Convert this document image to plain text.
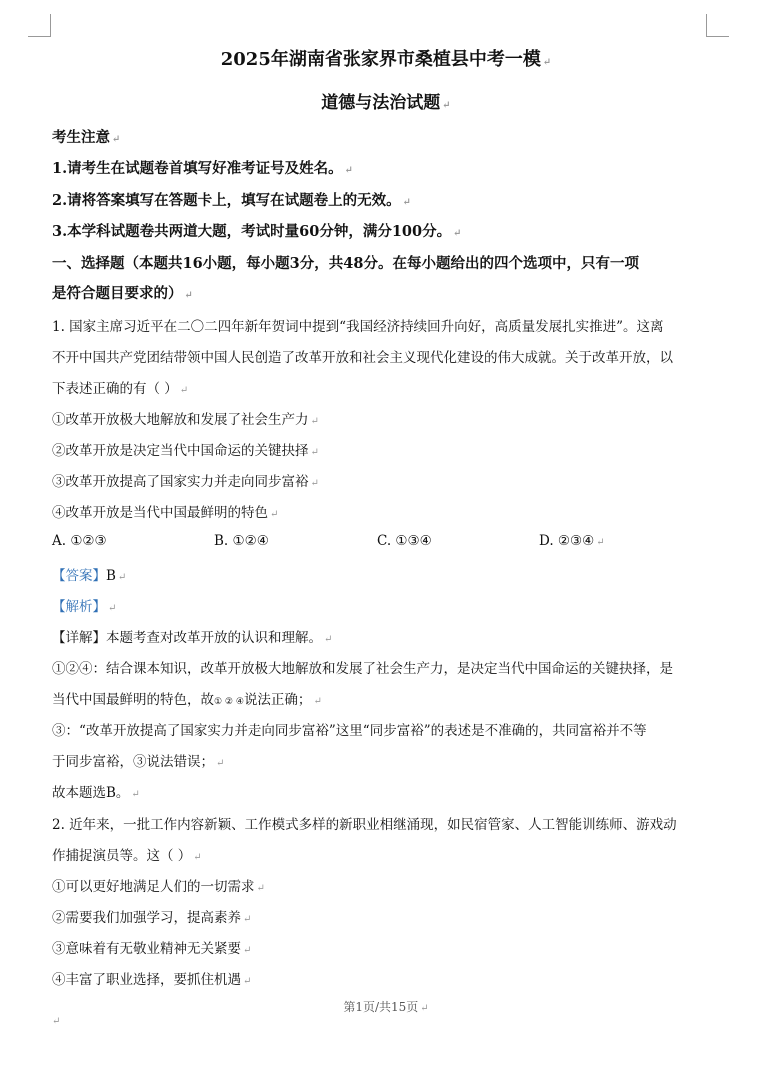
2025年湖南省张家界市桑植县中考一模 ↵
道德与法治试题 ↵
考生注意 ↵
1.请考生在试题卷首填写好准考证号及姓名。 ↵
2.请将答案填写在答题卡上，填写在试题卷上的无效。 ↵
3.本学科试题卷共两道大题，考试时量60分钟，满分100分。 ↵
一、选择题（本题共16小题，每小题3分，共48分。在每小题给出的四个选项中，只有一项
是符合题目要求的） ↵
1. 国家主席习近平在二〇二四年新年贺词中提到“我国经济持续回升向好，高质量发展扎实推进”。这离
不开中国共产党团结带领中国人民创造了改革开放和社会主义现代化建设的伟大成就。关于改革开放，以
下表述正确的有（ ） ↵
①改革开放极大地解放和发展了社会生产力 ↵
②改革开放是决定当代中国命运的关键抉择 ↵
③改革开放提高了国家实力并走向同步富裕 ↵
④改革开放是当代中国最鲜明的特色 ↵
A. ①②③	B. ①②④	C. ①③④	D. ②③④ ↵
【答案】B ↵
【解析】 ↵
【详解】本题考查对改革开放的认识和理解。 ↵
①②④：结合课本知识，改革开放极大地解放和发展了社会生产力，是决定当代中国命运的关键抉择，是
当代中国最鲜明的特色，故① ② ④说法正确； ↵
③：“改革开放提高了国家实力并走向同步富裕”这里“同步富裕”的表述是不准确的，共同富裕并不等
于同步富裕，③说法错误； ↵
故本题选B。 ↵
2. 近年来，一批工作内容新颖、工作模式多样的新职业相继涌现，如民宿管家、人工智能训练师、游戏动
作捕捉演员等。这（ ） ↵
①可以更好地满足人们的一切需求 ↵
②需要我们加强学习，提高素养 ↵
③意味着有无敬业精神无关紧要 ↵
④丰富了职业选择，要抓住机遇 ↵
第1页/共15页 ↵
↵
